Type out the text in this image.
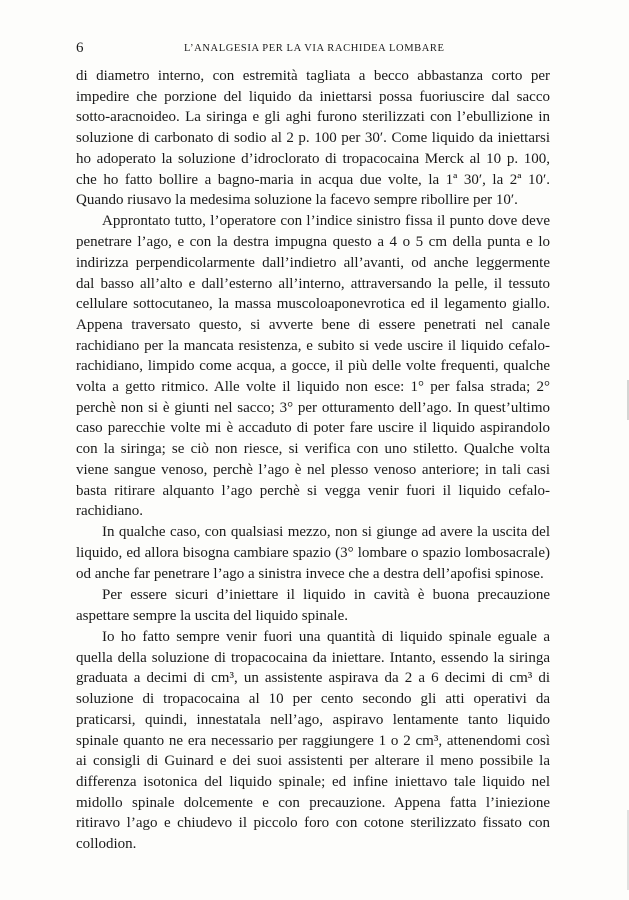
6	L’ANALGESIA PER LA VIA RACHIDEA LOMBARE

di diametro interno, con estremità tagliata a becco abbastanza corto per impedire che porzione del liquido da iniettarsi possa fuoriuscire dal sacco sotto-aracnoideo. La siringa e gli aghi furono sterilizzati con l’ebullizione in soluzione di carbonato di sodio al 2 p. 100 per 30′. Come liquido da iniettarsi ho adoperato la soluzione d’idroclorato di tropacocaina Merck al 10 p. 100, che ho fatto bollire a bagno-maria in acqua due volte, la 1ª 30′, la 2ª 10′. Quando riusavo la medesima soluzione la facevo sempre ribollire per 10′.

Approntato tutto, l’operatore con l’indice sinistro fissa il punto dove deve penetrare l’ago, e con la destra impugna questo a 4 o 5 cm della punta e lo indirizza perpendicolarmente dall’indietro all’avanti, od anche leggermente dal basso all’alto e dall’esterno all’interno, attraversando la pelle, il tessuto cellulare sottocutaneo, la massa muscoloaponevrotica ed il legamento giallo. Appena traversato questo, si avverte bene di essere penetrati nel canale rachidiano per la mancata resistenza, e subito si vede uscire il liquido cefalo-rachidiano, limpido come acqua, a gocce, il più delle volte frequenti, qualche volta a getto ritmico. Alle volte il liquido non esce: 1° per falsa strada; 2° perchè non si è giunti nel sacco; 3° per otturamento dell’ago. In quest’ultimo caso parecchie volte mi è accaduto di poter fare uscire il liquido aspirandolo con la siringa; se ciò non riesce, si verifica con uno stiletto. Qualche volta viene sangue venoso, perchè l’ago è nel plesso venoso anteriore; in tali casi basta ritirare alquanto l’ago perchè si vegga venir fuori il liquido cefalo-rachidiano.

In qualche caso, con qualsiasi mezzo, non si giunge ad avere la uscita del liquido, ed allora bisogna cambiare spazio (3° lombare o spazio lombosacrale) od anche far penetrare l’ago a sinistra invece che a destra dell’apofisi spinose.

Per essere sicuri d’iniettare il liquido in cavità è buona precauzione aspettare sempre la uscita del liquido spinale.

Io ho fatto sempre venir fuori una quantità di liquido spinale eguale a quella della soluzione di tropacocaina da iniettare. Intanto, essendo la siringa graduata a decimi di cm³, un assistente aspirava da 2 a 6 decimi di cm³ di soluzione di tropacocaina al 10 per cento secondo gli atti operativi da praticarsi, quindi, innestatala nell’ago, aspiravo lentamente tanto liquido spinale quanto ne era necessario per raggiungere 1 o 2 cm³, attenendomi così ai consigli di Guinard e dei suoi assistenti per alterare il meno possibile la differenza isotonica del liquido spinale; ed infine iniettavo tale liquido nel midollo spinale dolcemente e con precauzione. Appena fatta l’iniezione ritiravo l’ago e chiudevo il piccolo foro con cotone sterilizzato fissato con collodion.
